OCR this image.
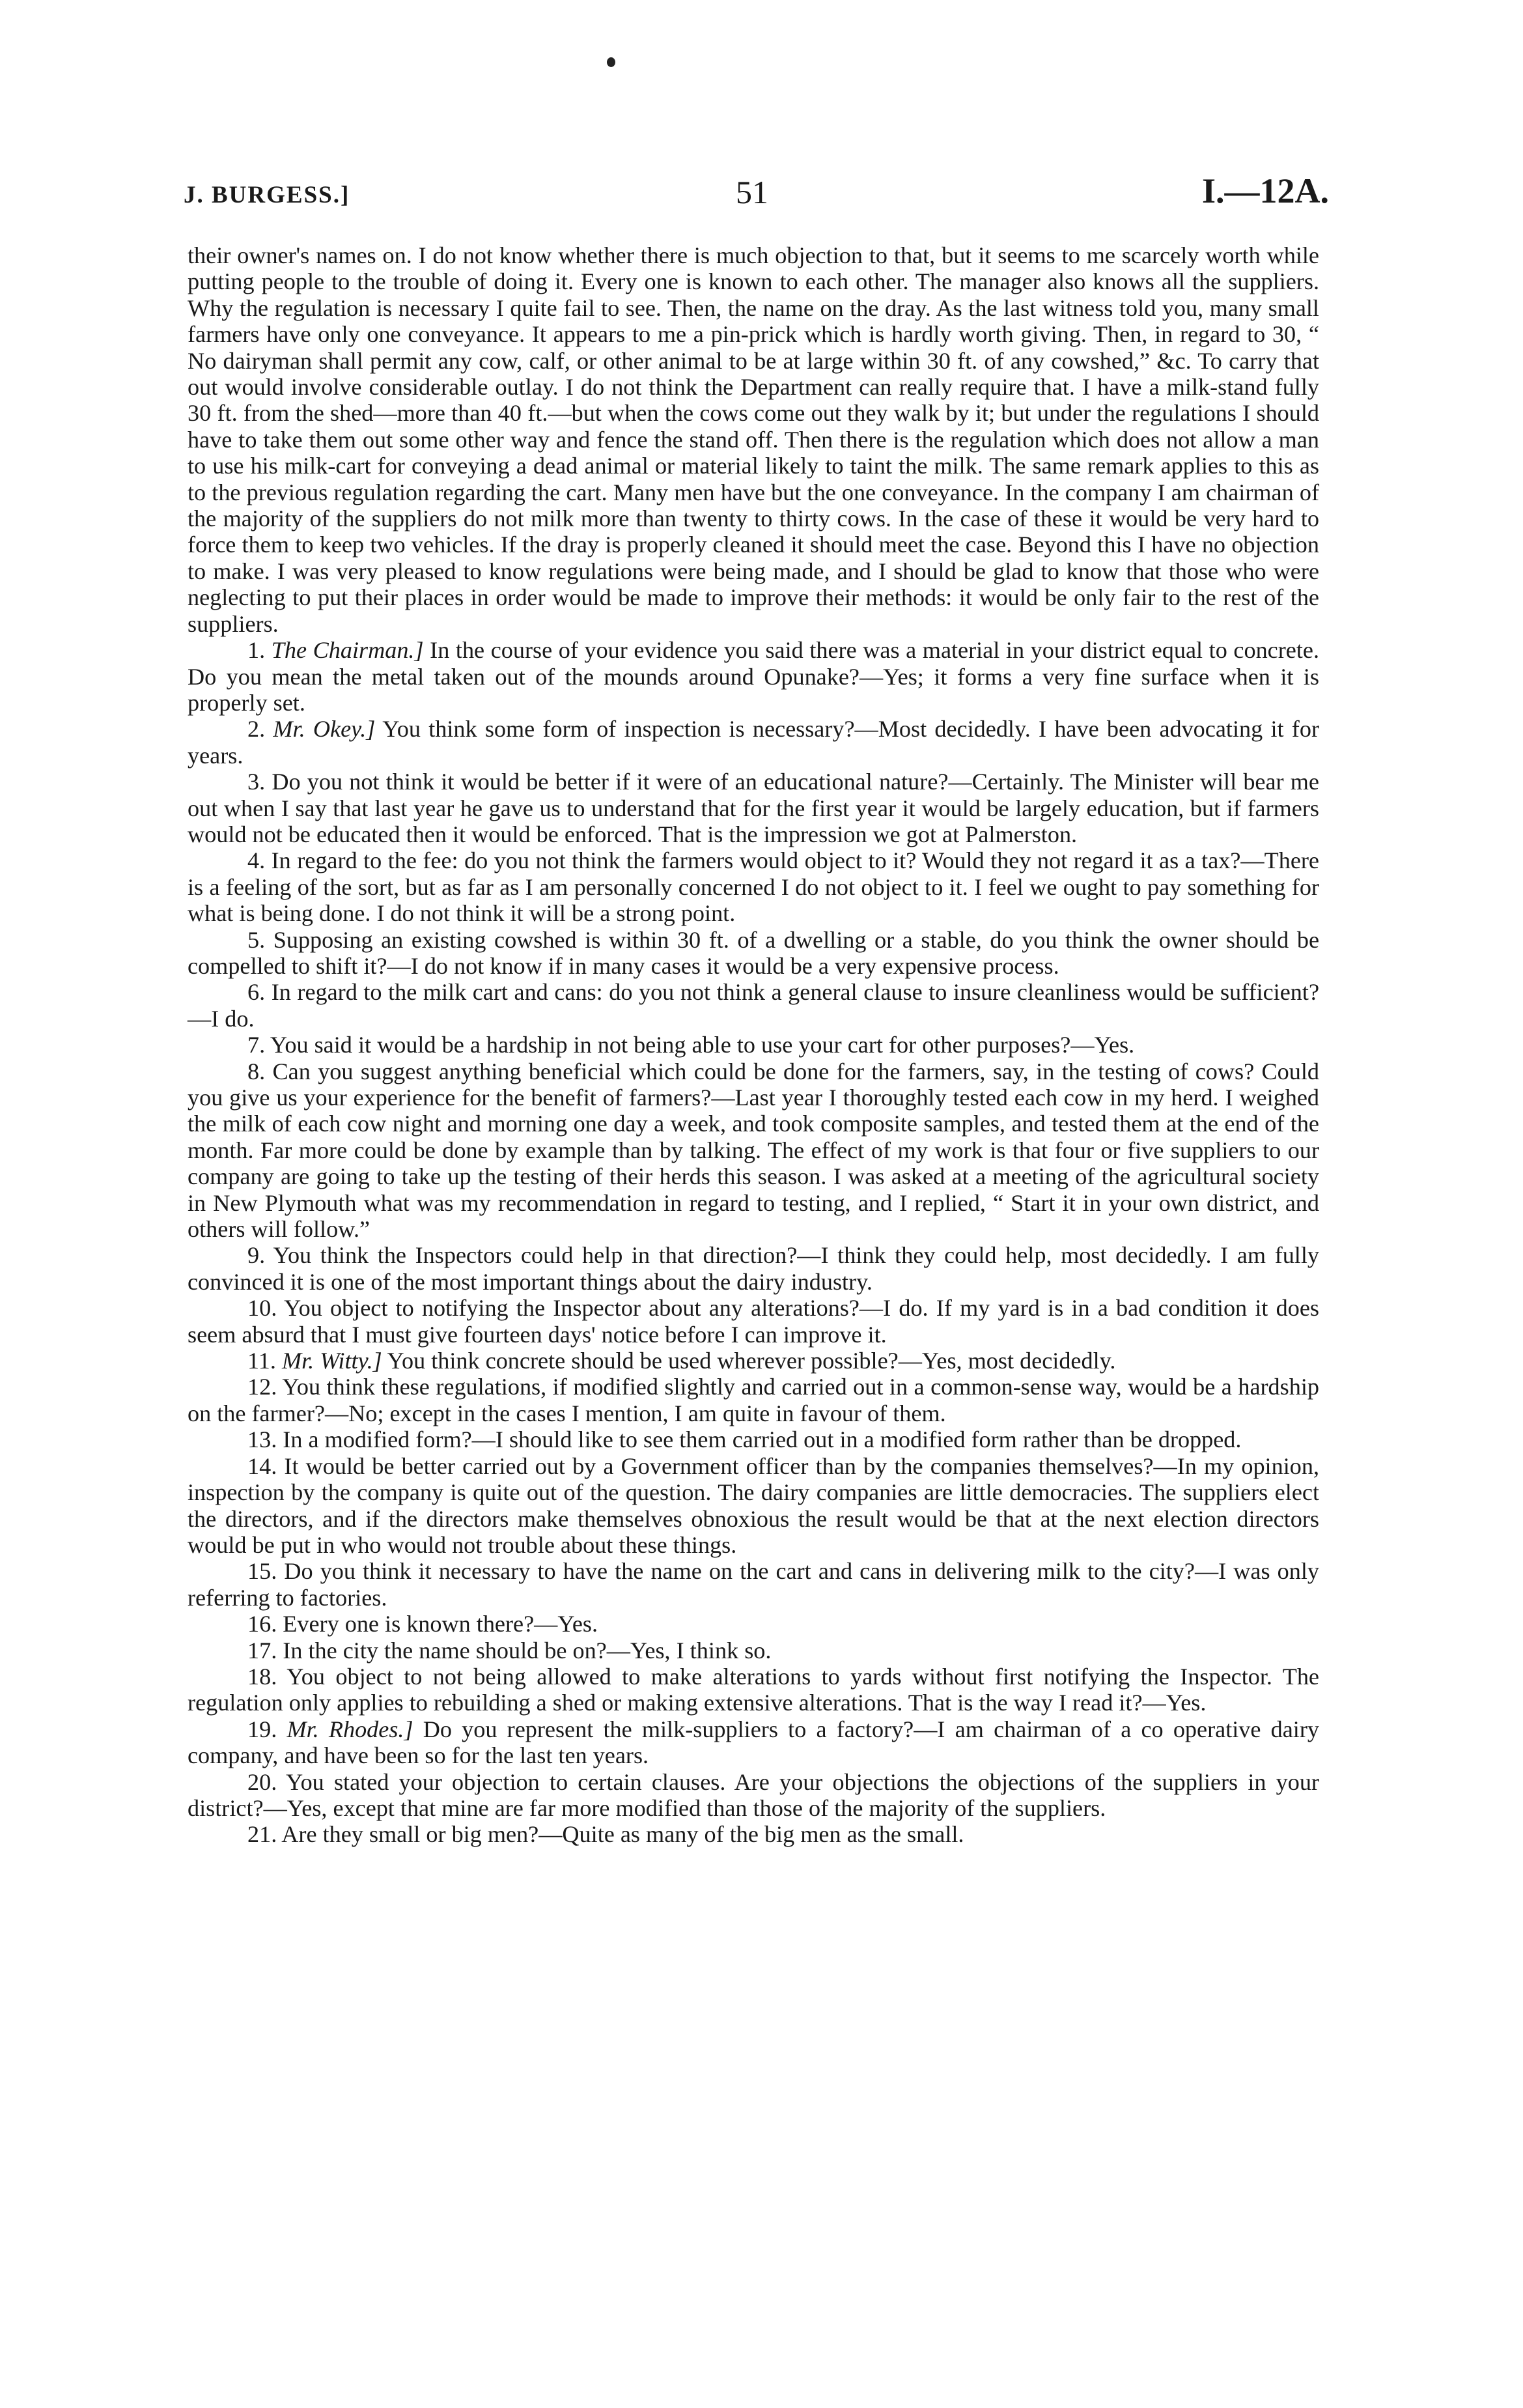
J. BURGESS.]	51	I.—12A.

their owner's names on. I do not know whether there is much objection to that, but it seems to me scarcely worth while putting people to the trouble of doing it. Every one is known to each other. The manager also knows all the suppliers. Why the regulation is necessary I quite fail to see. Then, the name on the dray. As the last witness told you, many small farmers have only one conveyance. It appears to me a pin-prick which is hardly worth giving. Then, in regard to 30, “ No dairyman shall permit any cow, calf, or other animal to be at large within 30 ft. of any cowshed,” &c. To carry that out would involve considerable outlay. I do not think the Department can really require that. I have a milk-stand fully 30 ft. from the shed—more than 40 ft.—but when the cows come out they walk by it; but under the regulations I should have to take them out some other way and fence the stand off. Then there is the regulation which does not allow a man to use his milk-cart for conveying a dead animal or material likely to taint the milk. The same remark applies to this as to the previous regulation regarding the cart. Many men have but the one conveyance. In the company I am chairman of the majority of the suppliers do not milk more than twenty to thirty cows. In the case of these it would be very hard to force them to keep two vehicles. If the dray is properly cleaned it should meet the case. Beyond this I have no objection to make. I was very pleased to know regulations were being made, and I should be glad to know that those who were neglecting to put their places in order would be made to improve their methods: it would be only fair to the rest of the suppliers.

1. The Chairman.] In the course of your evidence you said there was a material in your district equal to concrete. Do you mean the metal taken out of the mounds around Opunake?—Yes; it forms a very fine surface when it is properly set.

2. Mr. Okey.] You think some form of inspection is necessary?—Most decidedly. I have been advocating it for years.

3. Do you not think it would be better if it were of an educational nature?—Certainly. The Minister will bear me out when I say that last year he gave us to understand that for the first year it would be largely education, but if farmers would not be educated then it would be enforced. That is the impression we got at Palmerston.

4. In regard to the fee: do you not think the farmers would object to it? Would they not regard it as a tax?—There is a feeling of the sort, but as far as I am personally concerned I do not object to it. I feel we ought to pay something for what is being done. I do not think it will be a strong point.

5. Supposing an existing cowshed is within 30 ft. of a dwelling or a stable, do you think the owner should be compelled to shift it?—I do not know if in many cases it would be a very expensive process.

6. In regard to the milk cart and cans: do you not think a general clause to insure cleanliness would be sufficient?—I do.

7. You said it would be a hardship in not being able to use your cart for other purposes?—Yes.

8. Can you suggest anything beneficial which could be done for the farmers, say, in the testing of cows? Could you give us your experience for the benefit of farmers?—Last year I thoroughly tested each cow in my herd. I weighed the milk of each cow night and morning one day a week, and took composite samples, and tested them at the end of the month. Far more could be done by example than by talking. The effect of my work is that four or five suppliers to our company are going to take up the testing of their herds this season. I was asked at a meeting of the agricultural society in New Plymouth what was my recommendation in regard to testing, and I replied, “ Start it in your own district, and others will follow.”

9. You think the Inspectors could help in that direction?—I think they could help, most decidedly. I am fully convinced it is one of the most important things about the dairy industry.

10. You object to notifying the Inspector about any alterations?—I do. If my yard is in a bad condition it does seem absurd that I must give fourteen days' notice before I can improve it.

11. Mr. Witty.] You think concrete should be used wherever possible?—Yes, most decidedly.

12. You think these regulations, if modified slightly and carried out in a common-sense way, would be a hardship on the farmer?—No; except in the cases I mention, I am quite in favour of them.

13. In a modified form?—I should like to see them carried out in a modified form rather than be dropped.

14. It would be better carried out by a Government officer than by the companies themselves?—In my opinion, inspection by the company is quite out of the question. The dairy companies are little democracies. The suppliers elect the directors, and if the directors make themselves obnoxious the result would be that at the next election directors would be put in who would not trouble about these things.

15. Do you think it necessary to have the name on the cart and cans in delivering milk to the city?—I was only referring to factories.

16. Every one is known there?—Yes.

17. In the city the name should be on?—Yes, I think so.

18. You object to not being allowed to make alterations to yards without first notifying the Inspector. The regulation only applies to rebuilding a shed or making extensive alterations. That is the way I read it?—Yes.

19. Mr. Rhodes.] Do you represent the milk-suppliers to a factory?—I am chairman of a co operative dairy company, and have been so for the last ten years.

20. You stated your objection to certain clauses. Are your objections the objections of the suppliers in your district?—Yes, except that mine are far more modified than those of the majority of the suppliers.

21. Are they small or big men?—Quite as many of the big men as the small.
